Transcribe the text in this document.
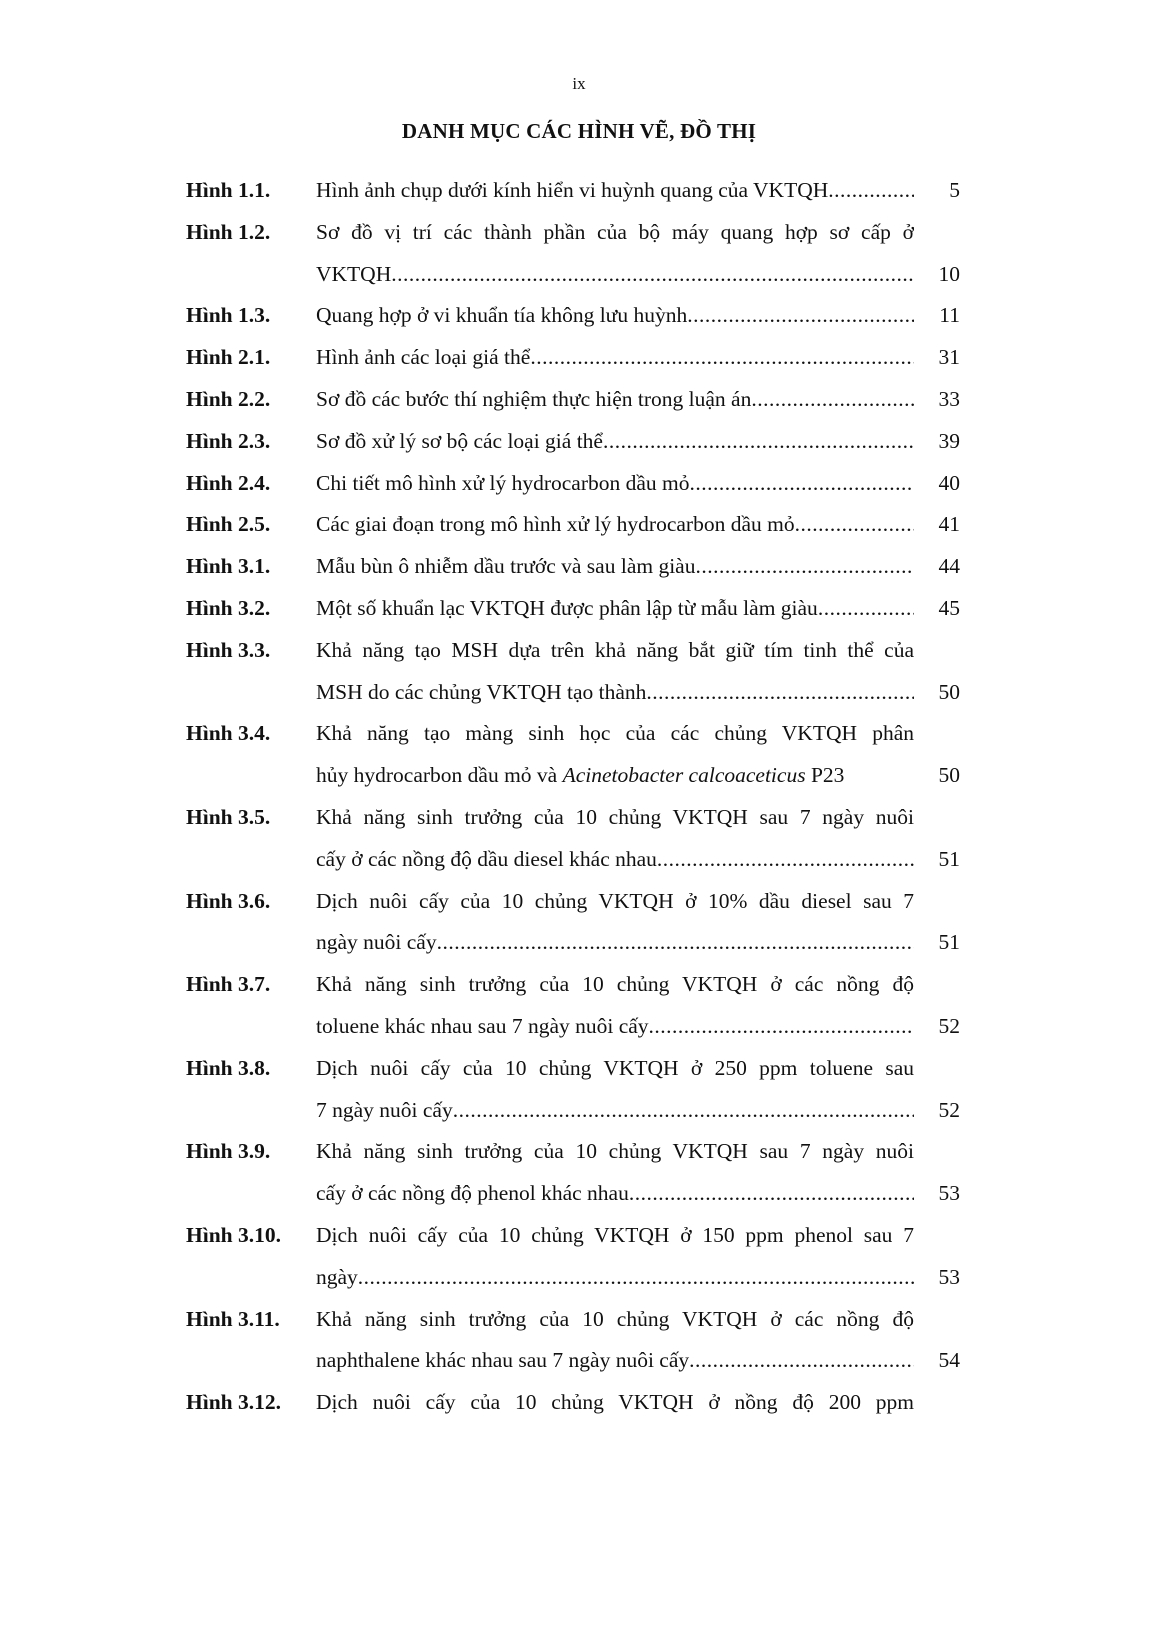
ix
DANH MỤC CÁC HÌNH VẼ, ĐỒ THỊ
Hình 1.1. Hình ảnh chụp dưới kính hiển vi huỳnh quang của VKTQH .....	5
Hình 1.2. Sơ đồ vị trí các thành phần của bộ máy quang hợp sơ cấp ở
VKTQH .....	10
Hình 1.3. Quang hợp ở vi khuẩn tía không lưu huỳnh .....	11
Hình 2.1. Hình ảnh các loại giá thể .....	31
Hình 2.2. Sơ đồ các bước thí nghiệm thực hiện trong luận án .....	33
Hình 2.3. Sơ đồ xử lý sơ bộ các loại giá thể .....	39
Hình 2.4. Chi tiết mô hình xử lý hydrocarbon dầu mỏ .....	40
Hình 2.5. Các giai đoạn trong mô hình xử lý hydrocarbon dầu mỏ .....	41
Hình 3.1. Mẫu bùn ô nhiễm dầu trước và sau làm giàu .....	44
Hình 3.2. Một số khuẩn lạc VKTQH được phân lập từ mẫu làm giàu .....	45
Hình 3.3. Khả năng tạo MSH dựa trên khả năng bắt giữ tím tinh thể của
MSH do các chủng VKTQH tạo thành .....	50
Hình 3.4. Khả năng tạo màng sinh học của các chủng VKTQH phân
hủy hydrocarbon dầu mỏ và Acinetobacter calcoaceticus P23	50
Hình 3.5. Khả năng sinh trưởng của 10 chủng VKTQH sau 7 ngày nuôi
cấy ở các nồng độ dầu diesel khác nhau .....	51
Hình 3.6. Dịch nuôi cấy của 10 chủng VKTQH ở 10% dầu diesel sau 7
ngày nuôi cấy .....	51
Hình 3.7. Khả năng sinh trưởng của 10 chủng VKTQH ở các nồng độ
toluene khác nhau sau 7 ngày nuôi cấy .....	52
Hình 3.8. Dịch nuôi cấy của 10 chủng VKTQH ở 250 ppm toluene sau
7 ngày nuôi cấy .....	52
Hình 3.9. Khả năng sinh trưởng của 10 chủng VKTQH sau 7 ngày nuôi
cấy ở các nồng độ phenol khác nhau .....	53
Hình 3.10. Dịch nuôi cấy của 10 chủng VKTQH ở 150 ppm phenol sau 7
ngày .....	53
Hình 3.11. Khả năng sinh trưởng của 10 chủng VKTQH ở các nồng độ
naphthalene khác nhau sau 7 ngày nuôi cấy .....	54
Hình 3.12. Dịch nuôi cấy của 10 chủng VKTQH ở nồng độ 200 ppm
